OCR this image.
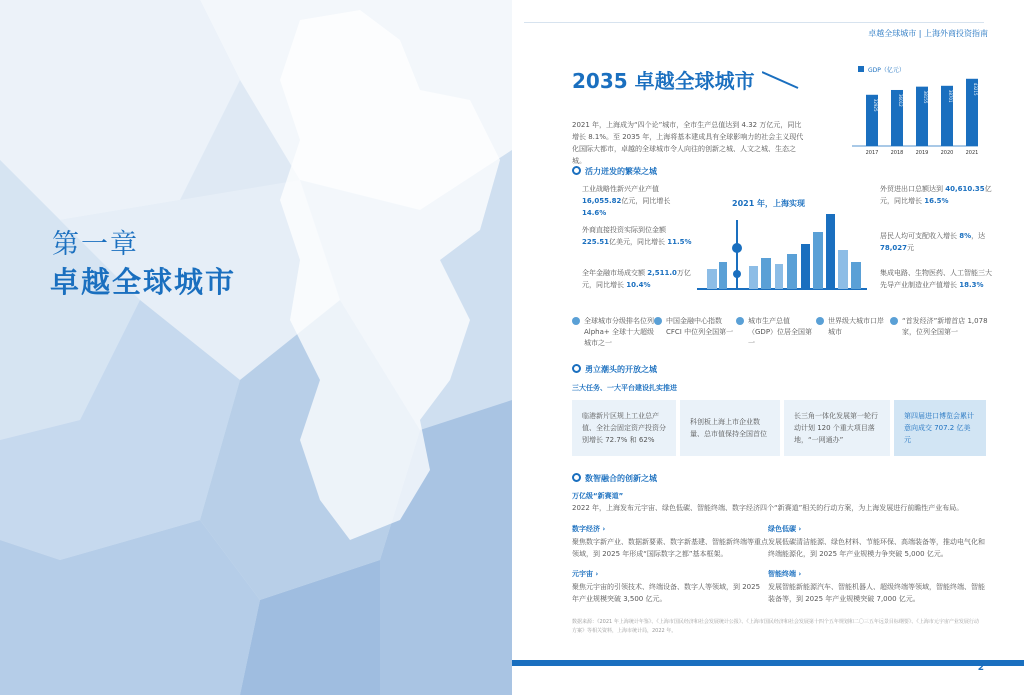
第一章
卓越全球城市
卓越全球城市 | 上海外商投资指南
2035 卓越全球城市
2021 年，上海成为“四个论”城市，全市生产总值达到 4.32 万亿元，同比增长 8.1%。至 2035 年，上海将基本建成具有全球影响力的社会主义现代化国际大都市，卓越的全球城市令人向往的创新之城、人文之城、生态之城。
GDP（亿元）
32925
2017
36012
2018
38155
2019
38701
2020
43215
2021
活力迸发的繁荣之城
工业战略性新兴产业产值16,055.82亿元，同比增长 14.6%
外商直接投资实际到位金额 225.51亿美元，同比增长 11.5%
全年金融市场成交额 2,511.0万亿元，同比增长 10.4%
2021 年，上海实现
外贸进出口总额达到 40,610.35亿元，同比增长 16.5%
居民人均可支配收入增长 8%，达 78,027元
集成电路、生物医药、人工智能三大先导产业制造业产值增长 18.3%
全球城市分级排名位列 Alpha+ 全球十大超级城市之一
中国金融中心指数 CFCI 中位列全国第一
城市生产总值（GDP）位居全国第一
世界级大城市口岸城市
“首发经济”新增首店 1,078 家，位列全国第一
勇立潮头的开放之城
三大任务、一大平台建设扎实推进
临港新片区规上工业总产值、全社会固定资产投资分别增长 72.7% 和 62%
科创板上海上市企业数量、总市值保持全国首位
长三角一体化发展第一轮行动计划 120 个重大项目落地，“一网通办”
第四届进口博览会累计意向成交 707.2 亿美元
数智融合的创新之城
万亿级“新赛道”
2022 年，上海发布元宇宙、绿色低碳、智能终端、数字经济四个“新赛道”相关的行动方案，为上海发展进行前瞻性产业布局。
数字经济 ›
聚焦数字新产业、数据新要素、数字新基建、智能新终端等重点领域，到 2025 年形成“国际数字之都”基本框架。
绿色低碳 ›
发展低碳清洁能源、绿色材料、节能环保、高端装备等，推动电气化和终端能源化，到 2025 年产业规模力争突破 5,000 亿元。
元宇宙 ›
聚焦元宇宙的引领技术、终端设备、数字人等领域，到 2025 年产业规模突破 3,500 亿元。
智能终端 ›
发展智能新能源汽车、智能机器人、超级终端等领域，智能终端、智能装备等，到 2025 年产业规模突破 7,000 亿元。
数据来源：《2021 年上海统计年鉴》、《上海市国民经济和社会发展统计公报》、《上海市国民经济和社会发展第十四个五年规划和二〇三五年远景目标纲要》、《上海市元宇宙产业发展行动方案》等相关资料，上海市统计局，2022 年。
2
